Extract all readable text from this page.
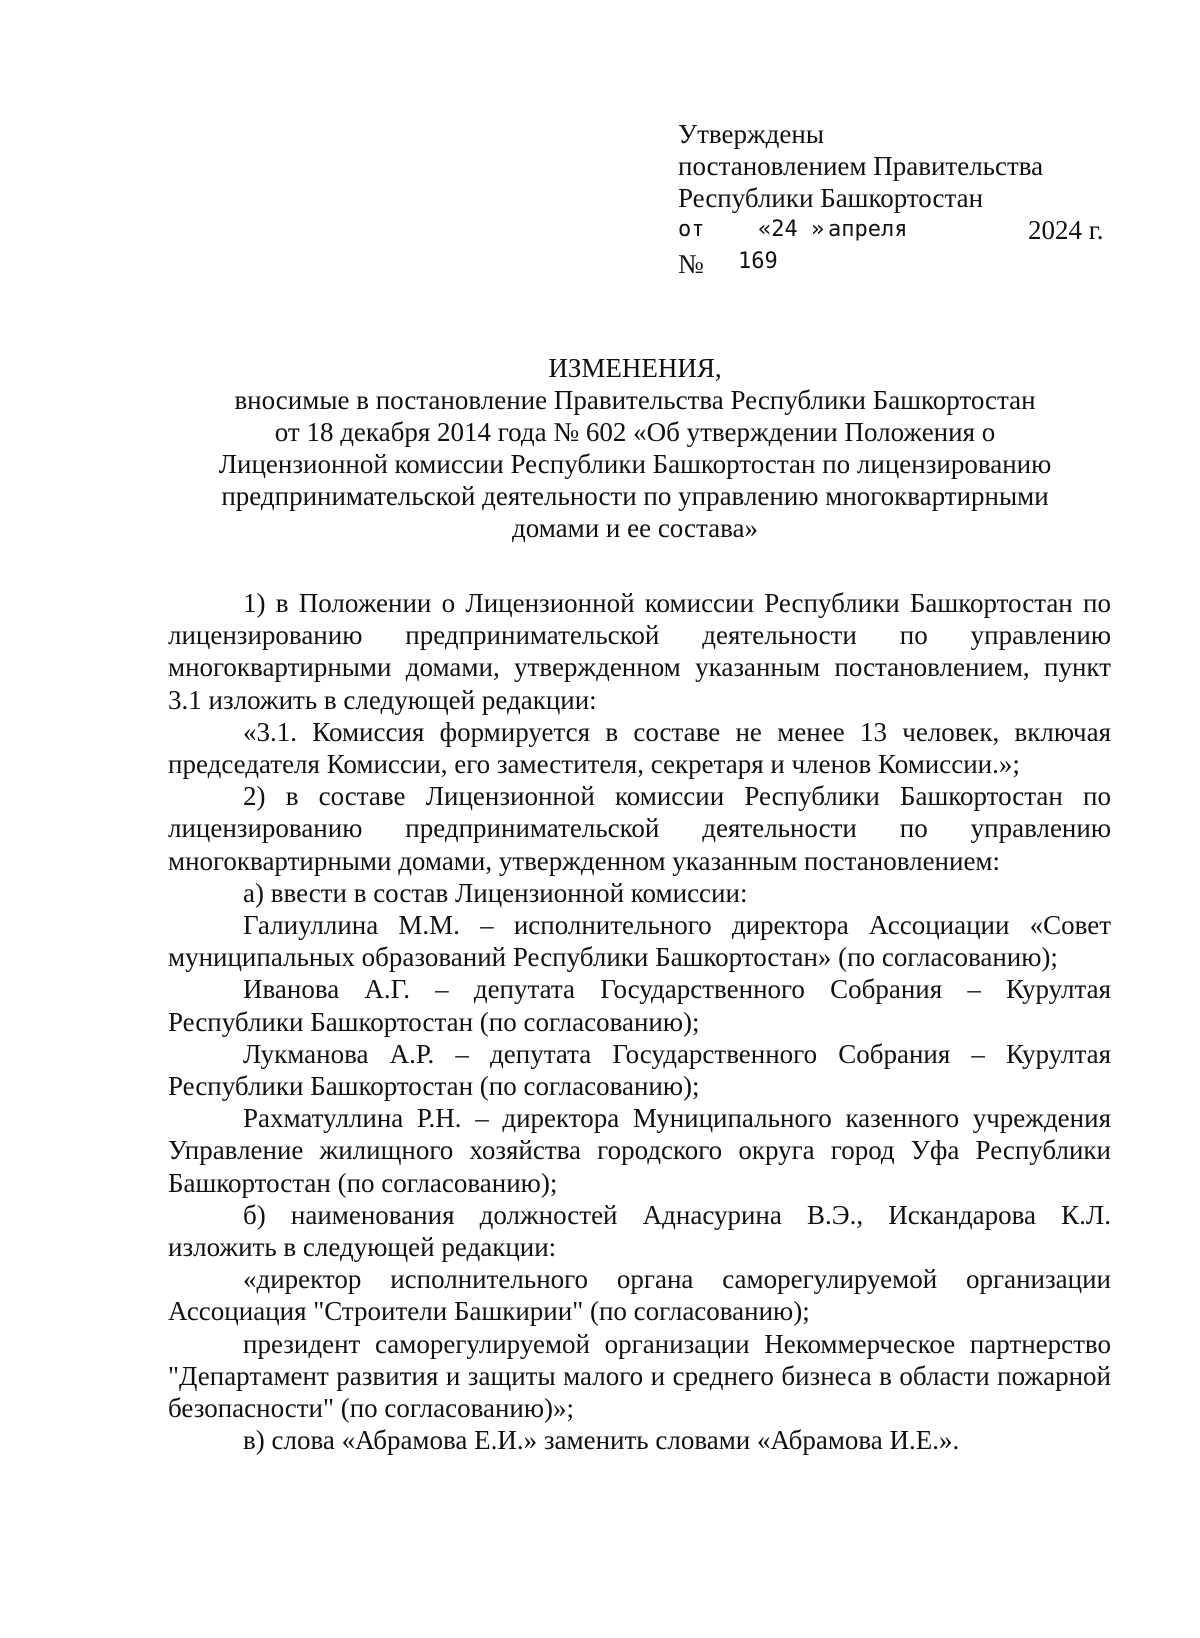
Утверждены
постановлением Правительства
Республики Башкортостан
от «24 » апреля	2024 г.
№ 169
ИЗМЕНЕНИЯ,
вносимые в постановление Правительства Республики Башкортостан
от 18 декабря 2014 года № 602 «Об утверждении Положения о
Лицензионной комиссии Республики Башкортостан по лицензированию
предпринимательской деятельности по управлению многоквартирными
домами и ее состава»

1) в Положении о Лицензионной комиссии Республики Башкортостан по лицензированию предпринимательской деятельности по управлению многоквартирными домами, утвержденном указанным постановлением, пункт 3.1 изложить в следующей редакции:

«3.1. Комиссия формируется в составе не менее 13 человек, включая председателя Комиссии, его заместителя, секретаря и членов Комиссии.»;

2) в составе Лицензионной комиссии Республики Башкортостан по лицензированию предпринимательской деятельности по управлению многоквартирными домами, утвержденном указанным постановлением:

а) ввести в состав Лицензионной комиссии:

Галиуллина М.М. – исполнительного директора Ассоциации «Совет муниципальных образований Республики Башкортостан» (по согласованию);

Иванова А.Г. – депутата Государственного Собрания – Курултая Республики Башкортостан (по согласованию);

Лукманова А.Р. – депутата Государственного Собрания – Курултая Республики Башкортостан (по согласованию);

Рахматуллина Р.Н. – директора Муниципального казенного учреждения Управление жилищного хозяйства городского округа город Уфа Республики Башкортостан (по согласованию);

б) наименования должностей Аднасурина В.Э., Искандарова К.Л. изложить в следующей редакции:

«директор исполнительного органа саморегулируемой организации Ассоциация "Строители Башкирии" (по согласованию);

президент саморегулируемой организации Некоммерческое партнерство "Департамент развития и защиты малого и среднего бизнеса в области пожарной безопасности" (по согласованию)»;

в) слова «Абрамова Е.И.» заменить словами «Абрамова И.Е.».
